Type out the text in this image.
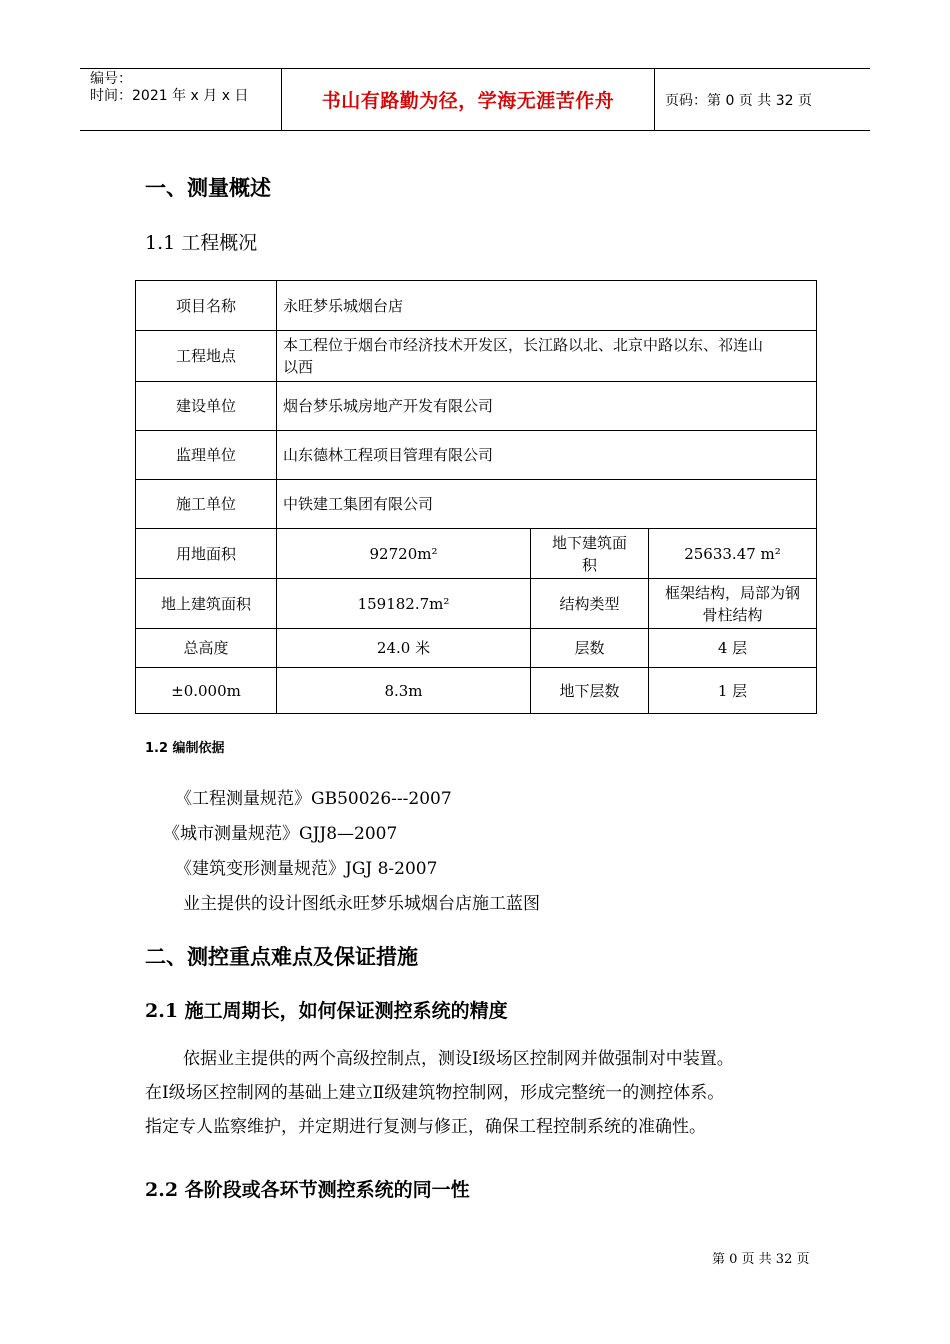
编号：
时间：2021 年 x 月 x 日	书山有路勤为径，学海无涯苦作舟	页码：第 0 页 共 32 页
一、测量概述
1.1 工程概况
项目名称	永旺梦乐城烟台店		
工程地点	本工程位于烟台市经济技术开发区，长江路以北、北京中路以东、祁连山
以西		

建设单位	烟台梦乐城房地产开发有限公司		
监理单位	山东德林工程项目管理有限公司		
施工单位	中铁建工集团有限公司		
用地面积	92720m²	地下建筑面
积	25633.47 m²
地上建筑面积	159182.7m²	结构类型	框架结构，局部为钢
骨柱结构

总高度	24.0 米	层数	4 层
±0.000m	8.3m	地下层数	1 层
1.2 编制依据
《工程测量规范》GB50026---2007
《城市测量规范》GJJ8—2007
《建筑变形测量规范》JGJ 8-2007
业主提供的设计图纸永旺梦乐城烟台店施工蓝图
二、测控重点难点及保证措施
2.1 施工周期长，如何保证测控系统的精度

依据业主提供的两个高级控制点，测设Ⅰ级场区控制网并做强制对中装置。

在Ⅰ级场区控制网的基础上建立Ⅱ级建筑物控制网，形成完整统一的测控体系。

指定专人监察维护，并定期进行复测与修正，确保工程控制系统的准确性。

2.2 各阶段或各环节测控系统的同一性
第 0 页 共 32 页
